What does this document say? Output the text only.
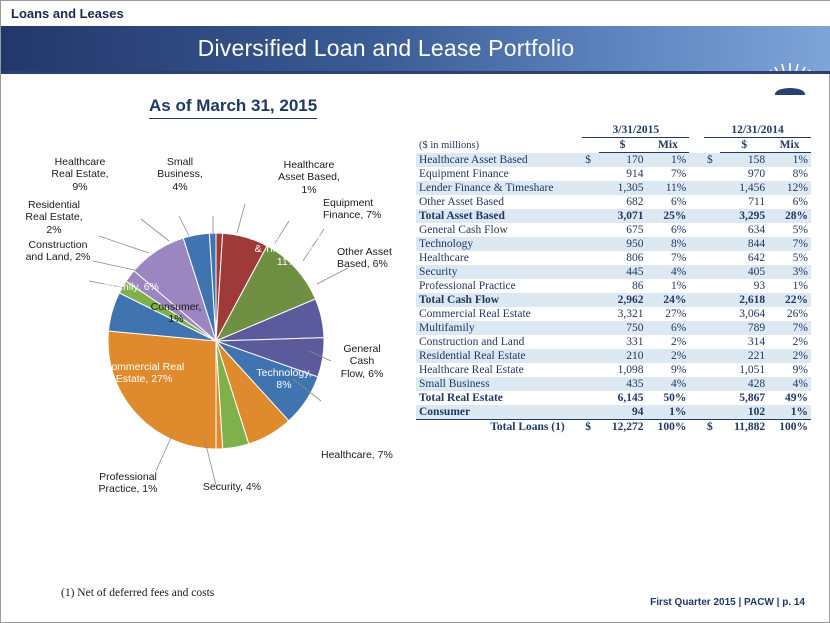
Loans and Leases
Diversified Loan and Lease Portfolio
As of March 31, 2015
Consumer, 1%
Small Business, 4%
Healthcare Real Estate, 9%
Residential Real Estate, 2%
Construction and Land, 2%
Multifamily, 6%
Commercial Real Estate, 27%
Professional Practice, 1%	Security, 4%
Healthcare, 7%
Technology, 8%
General Cash Flow, 6%
Other Asset Based, 6%
Lender Finance & Timeshare , 11%
Equipment Finance, 7%
Healthcare Asset Based, 1%
		3/31/2015				12/31/2014		
($ in millions)			$	Mix			$	Mix
Healthcare Asset Based		$	170	1%		$	158	1%
Equipment Finance			914	7%			970	8%
Lender Finance & Timeshare			1,305	11%			1,456	12%
Other Asset Based			682	6%			711	6%
Total Asset Based			3,071	25%			3,295	28%
General Cash Flow			675	6%			634	5%
Technology			950	8%			844	7%
Healthcare			806	7%			642	5%
Security			445	4%			405	3%
Professional Practice			86	1%			93	1%
Total Cash Flow			2,962	24%			2,618	22%
Commercial Real Estate			3,321	27%			3,064	26%
Multifamily			750	6%			789	7%
Construction and Land			331	2%			314	2%
Residential Real Estate			210	2%			221	2%
Healthcare Real Estate			1,098	9%			1,051	9%
Small Business			435	4%			428	4%
Total Real Estate			6,145	50%			5,867	49%
Consumer			94	1%			102	1%
Total Loans (1)		$	12,272	100%		$	11,882	100%
(1) Net of deferred fees and costs
First Quarter 2015 | PACW | p. 14
